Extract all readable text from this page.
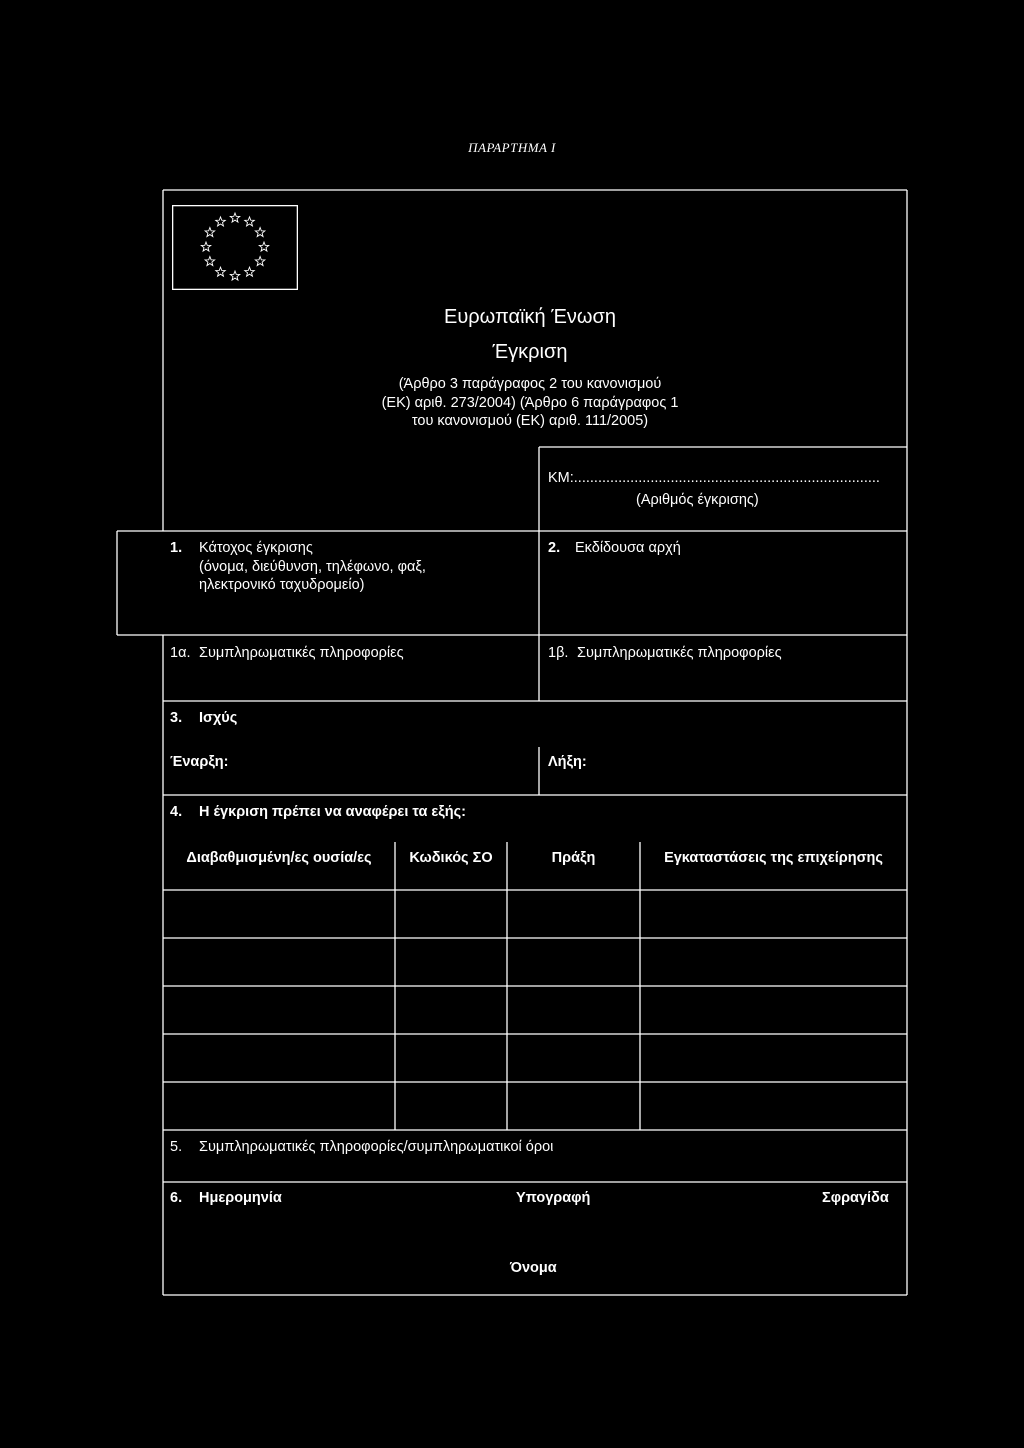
ΠΑΡΑΡΤΗΜΑ Ι
Ευρωπαϊκή Ένωση
Έγκριση
(Άρθρο 3 παράγραφος 2 του κανονισμού
(ΕΚ) αριθ. 273/2004) (Άρθρο 6 παράγραφος 1
του κανονισμού (ΕΚ) αριθ. 111/2005)
ΚΜ:............................................................................
(Αριθμός έγκρισης)
1. Κάτοχος έγκρισης
(όνομα, διεύθυνση, τηλέφωνο, φαξ,
ηλεκτρονικό ταχυδρομείο)
2. Εκδίδουσα αρχή
1α. Συμπληρωματικές πληροφορίες	1β. Συμπληρωματικές πληροφορίες
3. Ισχύς
Έναρξη:	Λήξη:
4. Η έγκριση πρέπει να αναφέρει τα εξής:
Διαβαθμισμένη/ες ουσία/ες	Κωδικός ΣΟ	Πράξη	Εγκαταστάσεις της επιχείρησης
5. Συμπληρωματικές πληροφορίες/συμπληρωματικοί όροι
6. Ημερομηνία	Υπογραφή	Σφραγίδα
Όνομα
